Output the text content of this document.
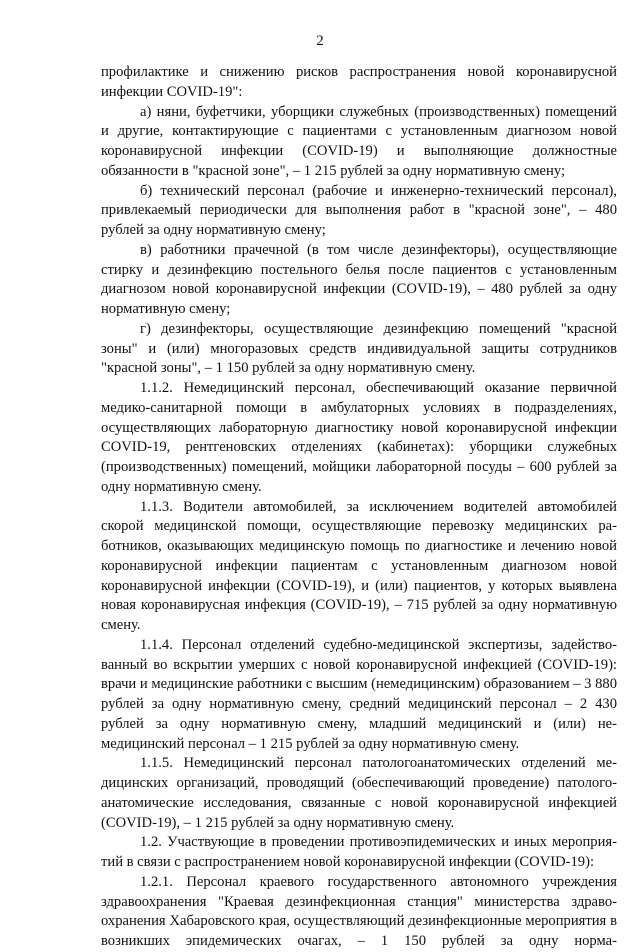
2

профилактике и снижению рисков распространения новой коронавирусной инфекции COVID-19":

а) няни, буфетчики, уборщики служебных (производственных) помещений и другие, контактирующие с пациентами с установленным диагнозом новой коронавирусной инфекции (COVID-19) и выполняющие должностные обязанности в "красной зоне", – 1 215 рублей за одну нормативную смену;

б) технический персонал (рабочие и инженерно-технический персонал), привлекаемый периодически для выполнения работ в "красной зоне", – 480 рублей за одну нормативную смену;

в) работники прачечной (в том числе дезинфекторы), осуществляющие стирку и дезинфекцию постельного белья после пациентов с установленным диагнозом новой коронавирусной инфекции (COVID-19), – 480 рублей за одну нормативную смену;

г) дезинфекторы, осуществляющие дезинфекцию помещений "красной зоны" и (или) многоразовых средств индивидуальной защиты сотрудников "красной зоны", – 1 150 рублей за одну нормативную смену.

1.1.2. Немедицинский персонал, обеспечивающий оказание первичной медико-санитарной помощи в амбулаторных условиях в подразделениях, осуществляющих лабораторную диагностику новой коронавирусной инфекции COVID-19, рентгеновских отделениях (кабинетах): уборщики служебных (производственных) помещений, мойщики лабораторной посуды – 600 рублей за одну нормативную смену.

1.1.3. Водители автомобилей, за исключением водителей автомобилей скорой медицинской помощи, осуществляющие перевозку медицинских работников, оказывающих медицинскую помощь по диагностике и лечению новой коронавирусной инфекции пациентам с установленным диагнозом новой коронавирусной инфекции (COVID-19), и (или) пациентов, у которых выявлена новая коронавирусная инфекция (COVID-19), – 715 рублей за одну нормативную смену.

1.1.4. Персонал отделений судебно-медицинской экспертизы, задействованный во вскрытии умерших с новой коронавирусной инфекцией (COVID-19): врачи и медицинские работники с высшим (немедицинским) образованием – 3 880 рублей за одну нормативную смену, средний медицинский персонал – 2 430 рублей за одну нормативную смену, младший медицинский и (или) немедицинский персонал – 1 215 рублей за одну нормативную смену.

1.1.5. Немедицинский персонал патологоанатомических отделений медицинских организаций, проводящий (обеспечивающий проведение) патологоанатомические исследования, связанные с новой коронавирусной инфекцией (COVID-19), – 1 215 рублей за одну нормативную смену.

1.2. Участвующие в проведении противоэпидемических и иных мероприятий в связи с распространением новой коронавирусной инфекции (COVID-19):

1.2.1. Персонал краевого государственного автономного учреждения здравоохранения "Краевая дезинфекционная станция" министерства здравоохранения Хабаровского края, осуществляющий дезинфекционные мероприятия в возникших эпидемических очагах, – 1 150 рублей за одну норма-
